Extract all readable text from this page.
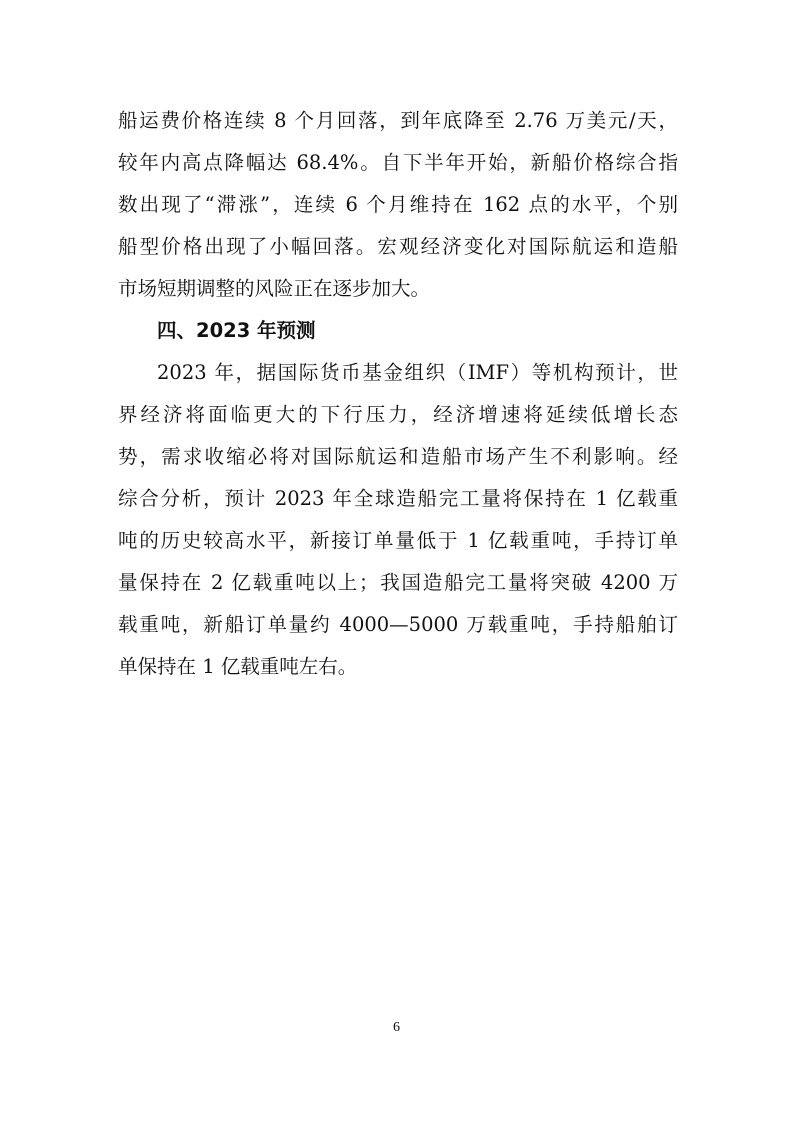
船运费价格连续 8 个月回落，到年底降至 2.76 万美元/天，
较年内高点降幅达 68.4%。自下半年开始，新船价格综合指
数出现了“滞涨”，连续 6 个月维持在 162 点的水平，个别
船型价格出现了小幅回落。宏观经济变化对国际航运和造船
市场短期调整的风险正在逐步加大。
四、2023 年预测
2023 年，据国际货币基金组织（IMF）等机构预计，世
界经济将面临更大的下行压力，经济增速将延续低增长态
势，需求收缩必将对国际航运和造船市场产生不利影响。经
综合分析，预计 2023 年全球造船完工量将保持在 1 亿载重
吨的历史较高水平，新接订单量低于 1 亿载重吨，手持订单
量保持在 2 亿载重吨以上；我国造船完工量将突破 4200 万
载重吨，新船订单量约 4000—5000 万载重吨，手持船舶订
单保持在 1 亿载重吨左右。
6
